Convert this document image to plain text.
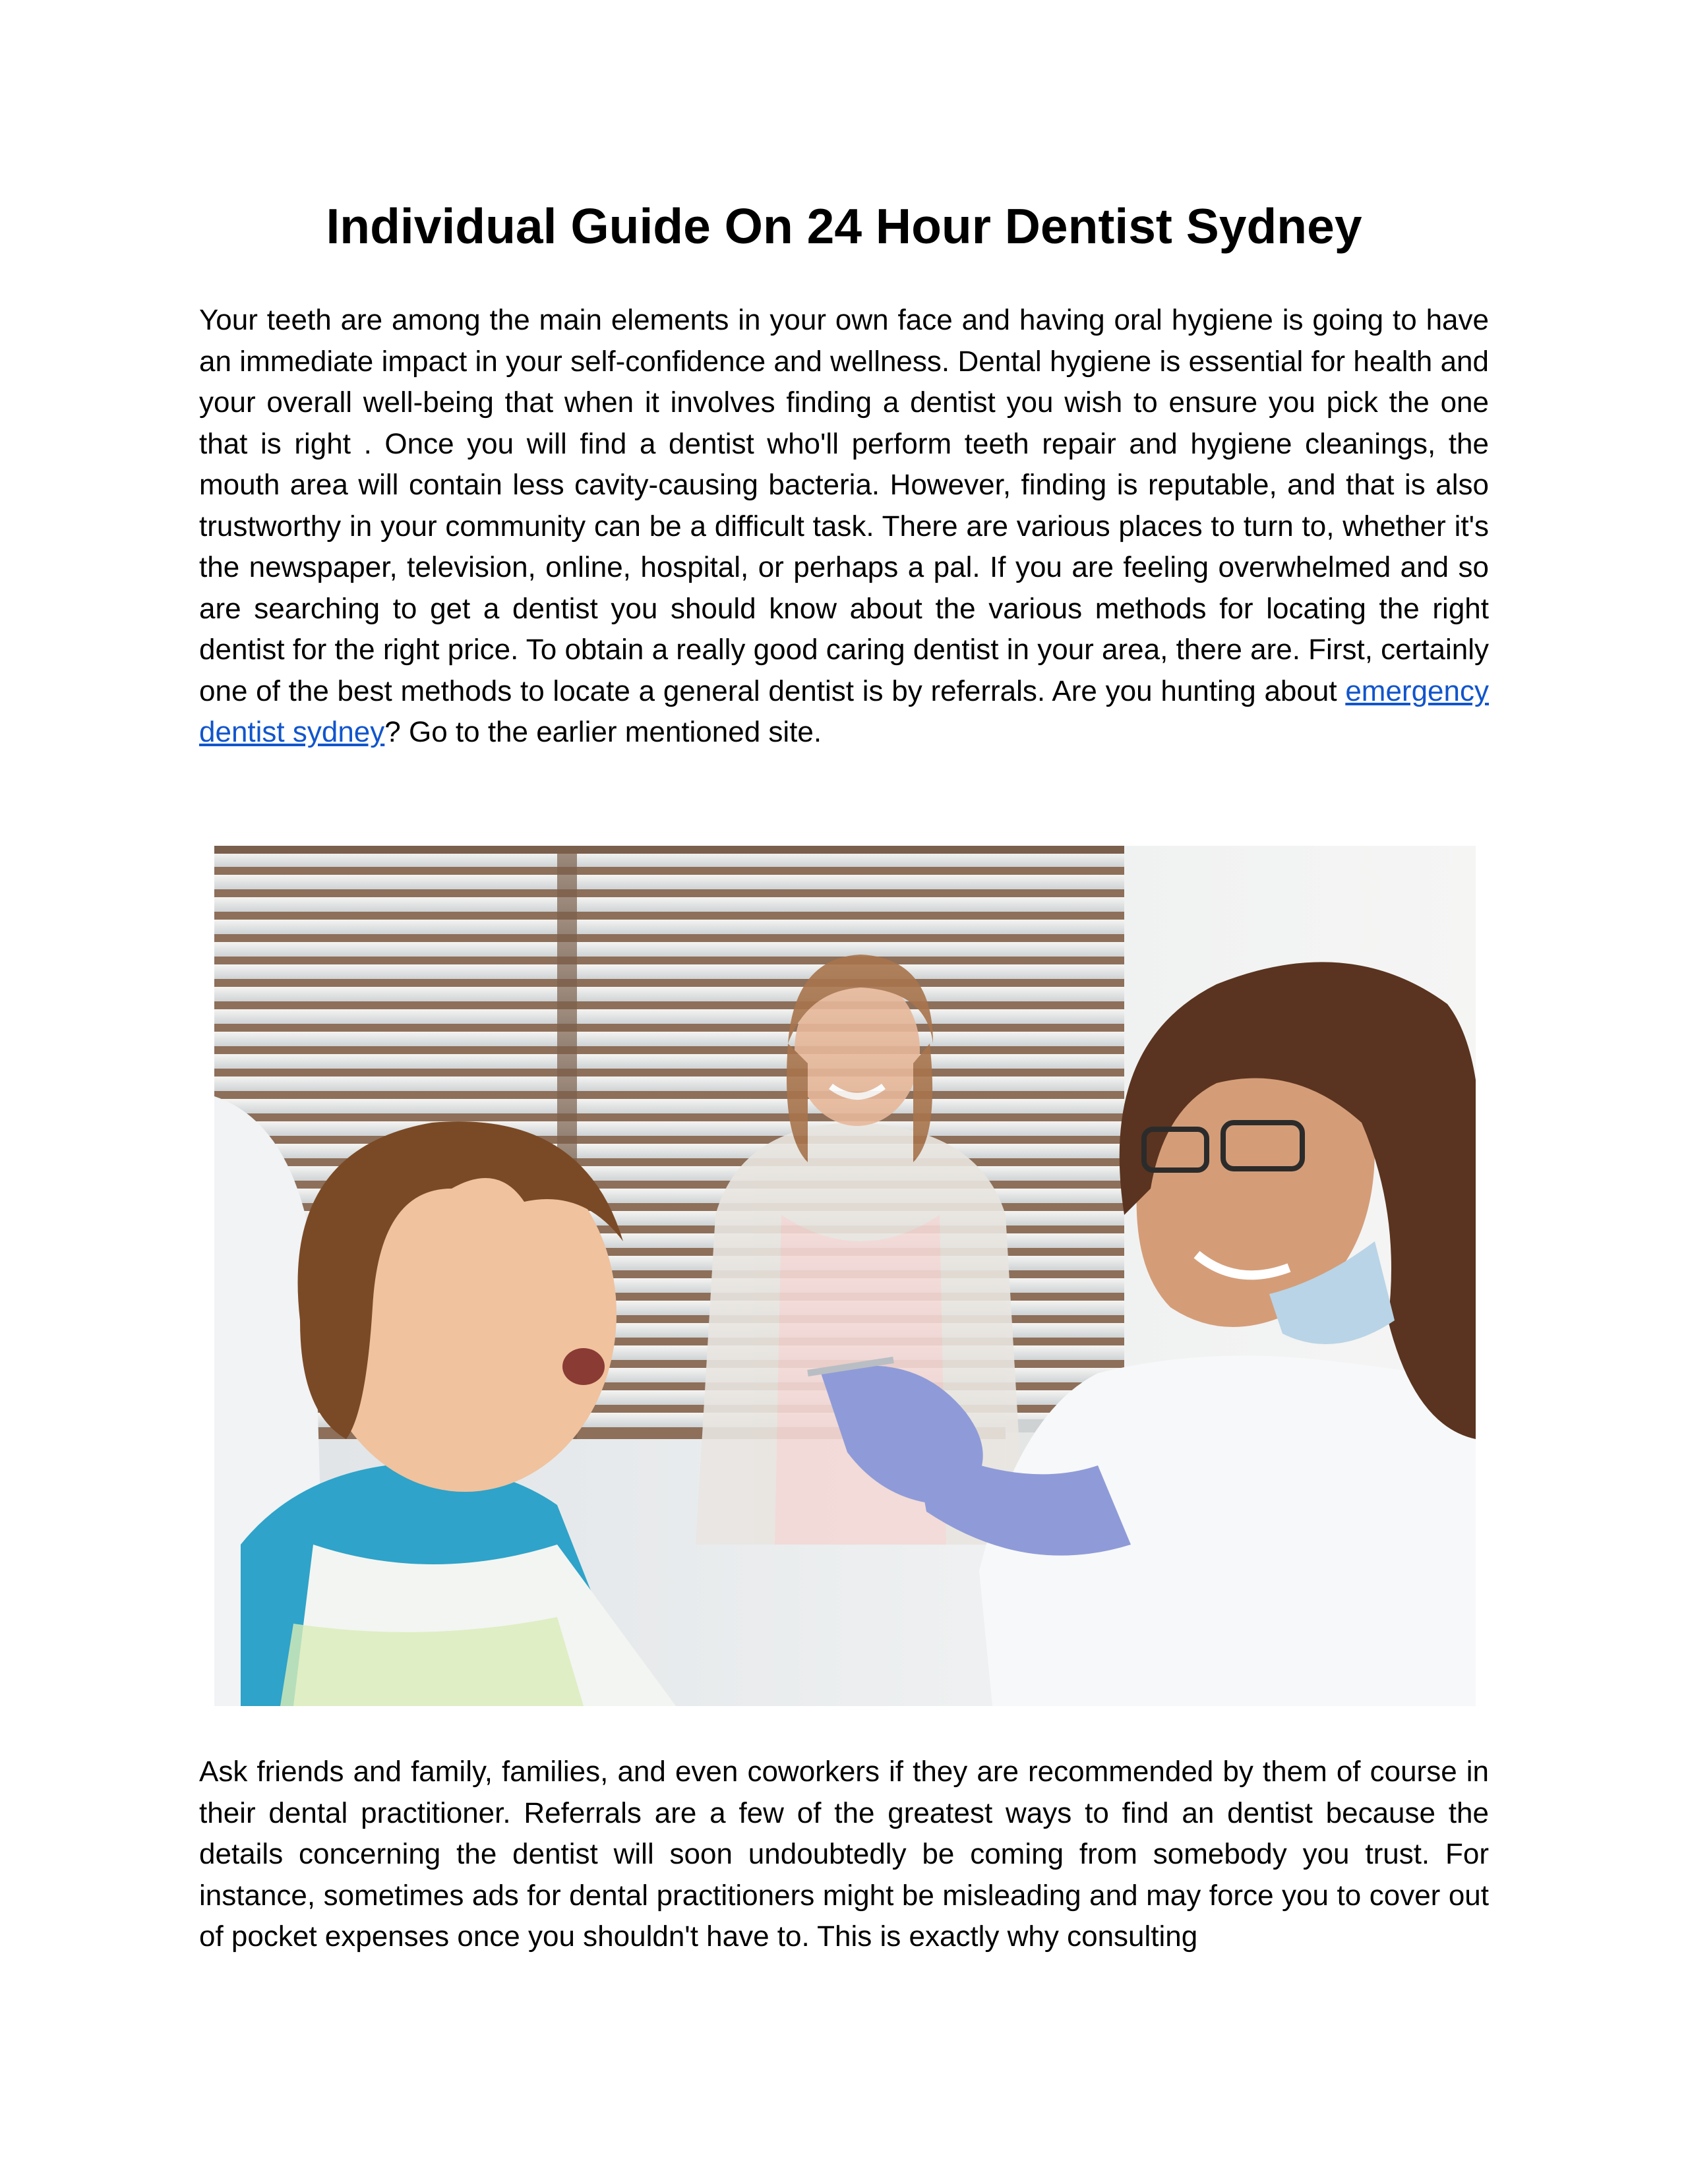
Individual Guide On 24 Hour Dentist Sydney

Your teeth are among the main elements in your own face and having oral hygiene is going to have an immediate impact in your self-confidence and wellness. Dental hygiene is essential for health and your overall well-being that when it involves finding a dentist you wish to ensure you pick the one that is right . Once you will find a dentist who'll perform teeth repair and hygiene cleanings, the mouth area will contain less cavity-causing bacteria. However, finding is reputable, and that is also trustworthy in your community can be a difficult task. There are various places to turn to, whether it's the newspaper, television, online, hospital, or perhaps a pal. If you are feeling overwhelmed and so are searching to get a dentist you should know about the various methods for locating the right dentist for the right price. To obtain a really good caring dentist in your area, there are. First, certainly one of the best methods to locate a general dentist is by referrals. Are you hunting about emergency dentist sydney? Go to the earlier mentioned site.

Ask friends and family, families, and even coworkers if they are recommended by them of course in their dental practitioner. Referrals are a few of the greatest ways to find an dentist because the details concerning the dentist will soon undoubtedly be coming from somebody you trust. For instance, sometimes ads for dental practitioners might be misleading and may force you to cover out of pocket expenses once you shouldn't have to. This is exactly why consulting
